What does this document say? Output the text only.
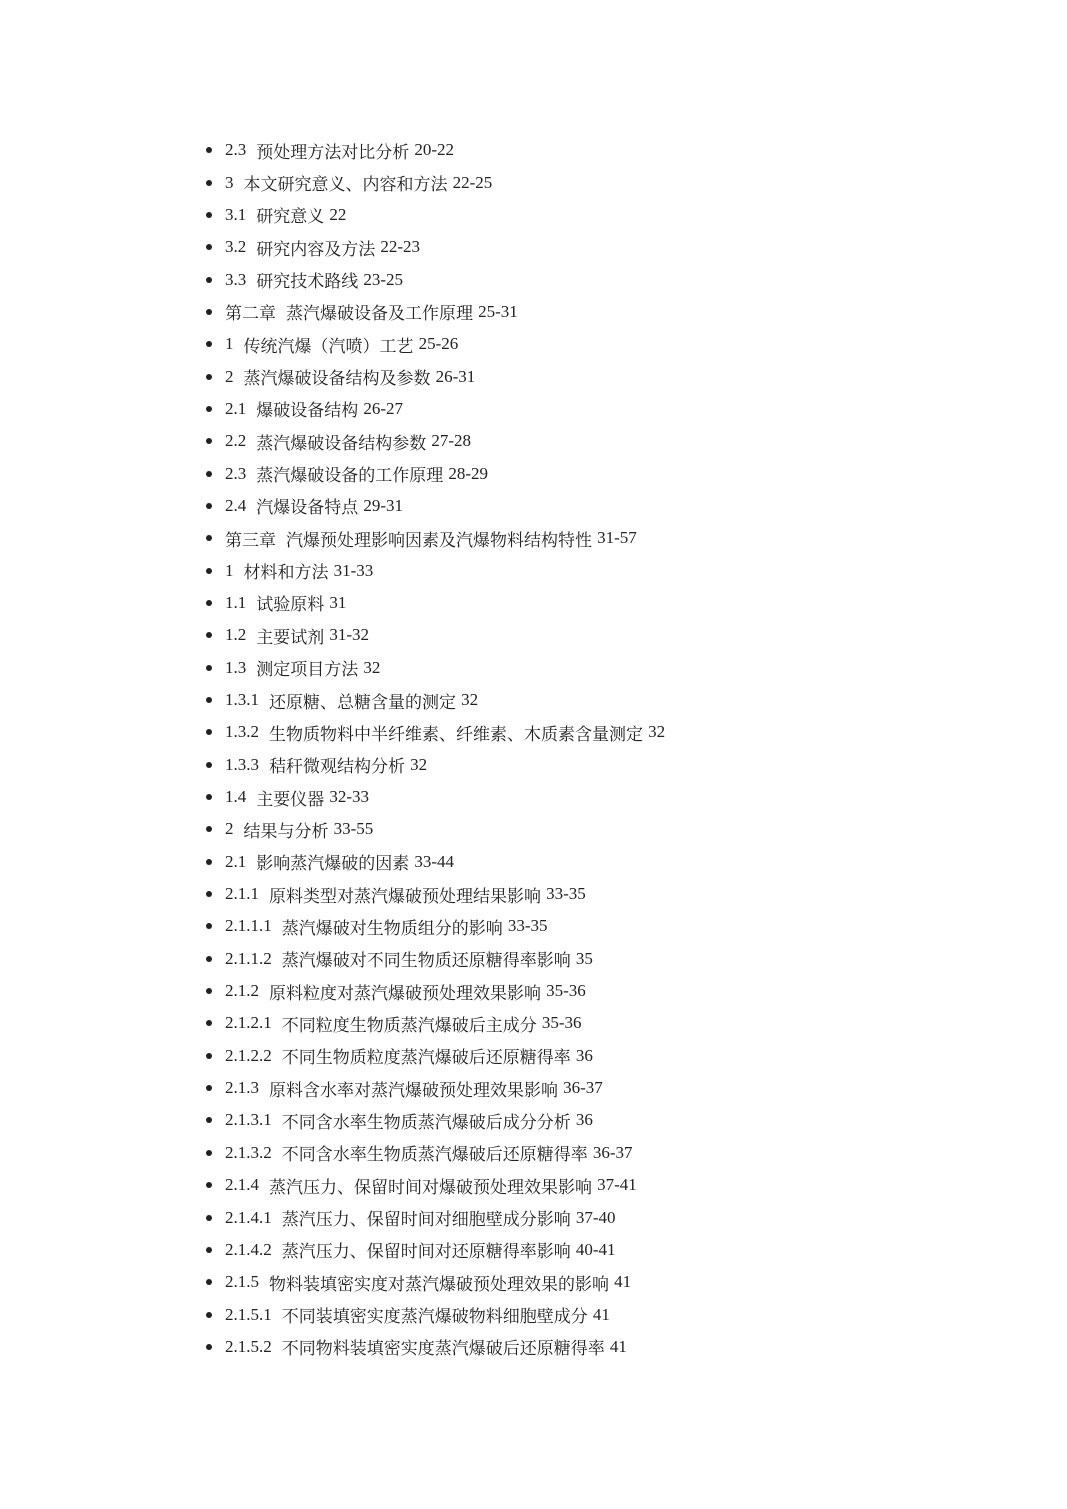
2.3 预处理方法对比分析 20-22
3 本文研究意义、内容和方法 22-25
3.1 研究意义 22
3.2 研究内容及方法 22-23
3.3 研究技术路线 23-25
第二章 蒸汽爆破设备及工作原理 25-31
1 传统汽爆（汽喷）工艺 25-26
2 蒸汽爆破设备结构及参数 26-31
2.1 爆破设备结构 26-27
2.2 蒸汽爆破设备结构参数 27-28
2.3 蒸汽爆破设备的工作原理 28-29
2.4 汽爆设备特点 29-31
第三章 汽爆预处理影响因素及汽爆物料结构特性 31-57
1 材料和方法 31-33
1.1 试验原料 31
1.2 主要试剂 31-32
1.3 测定项目方法 32
1.3.1 还原糖、总糖含量的测定 32
1.3.2 生物质物料中半纤维素、纤维素、木质素含量测定 32
1.3.3 秸秆微观结构分析 32
1.4 主要仪器 32-33
2 结果与分析 33-55
2.1 影响蒸汽爆破的因素 33-44
2.1.1 原料类型对蒸汽爆破预处理结果影响 33-35
2.1.1.1 蒸汽爆破对生物质组分的影响 33-35
2.1.1.2 蒸汽爆破对不同生物质还原糖得率影响 35
2.1.2 原料粒度对蒸汽爆破预处理效果影响 35-36
2.1.2.1 不同粒度生物质蒸汽爆破后主成分 35-36
2.1.2.2 不同生物质粒度蒸汽爆破后还原糖得率 36
2.1.3 原料含水率对蒸汽爆破预处理效果影响 36-37
2.1.3.1 不同含水率生物质蒸汽爆破后成分分析 36
2.1.3.2 不同含水率生物质蒸汽爆破后还原糖得率 36-37
2.1.4 蒸汽压力、保留时间对爆破预处理效果影响 37-41
2.1.4.1 蒸汽压力、保留时间对细胞壁成分影响 37-40
2.1.4.2 蒸汽压力、保留时间对还原糖得率影响 40-41
2.1.5 物料装填密实度对蒸汽爆破预处理效果的影响 41
2.1.5.1 不同装填密实度蒸汽爆破物料细胞壁成分 41
2.1.5.2 不同物料装填密实度蒸汽爆破后还原糖得率 41
